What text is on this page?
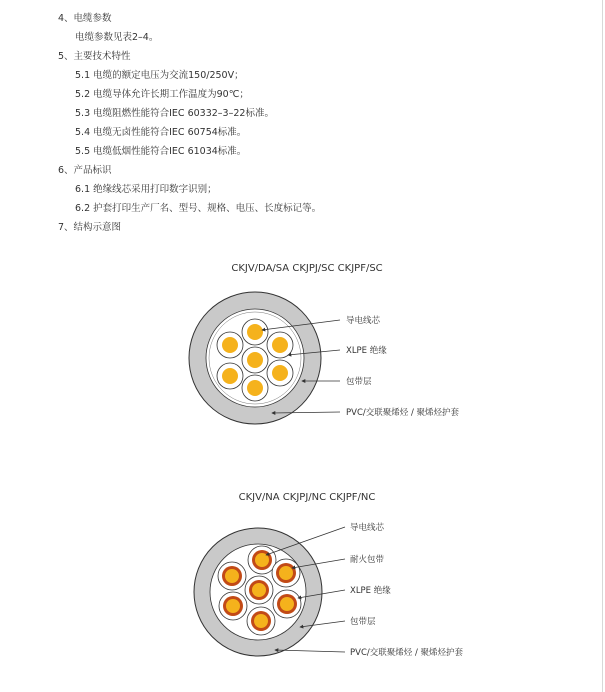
4、电缆参数
电缆参数见表2–4。
5、主要技术特性
5.1 电缆的额定电压为交流150/250V；
5.2 电缆导体允许长期工作温度为90℃；
5.3 电缆阻燃性能符合IEC 60332–3–22标准。
5.4 电缆无卤性能符合IEC 60754标准。
5.5 电缆低烟性能符合IEC 61034标准。
6、产品标识
6.1 绝缘线芯采用打印数字识别；
6.2 护套打印生产厂名、型号、规格、电压、长度标记等。
7、结构示意图
CKJV/DA/SA CKJPJ/SC CKJPF/SC
CKJV/NA CKJPJ/NC CKJPF/NC
导电线芯
XLPE 绝缘
包带层
PVC/交联聚烯烃 / 聚烯烃护套
导电线芯
耐火包带
XLPE 绝缘
包带层
PVC/交联聚烯烃 / 聚烯烃护套
